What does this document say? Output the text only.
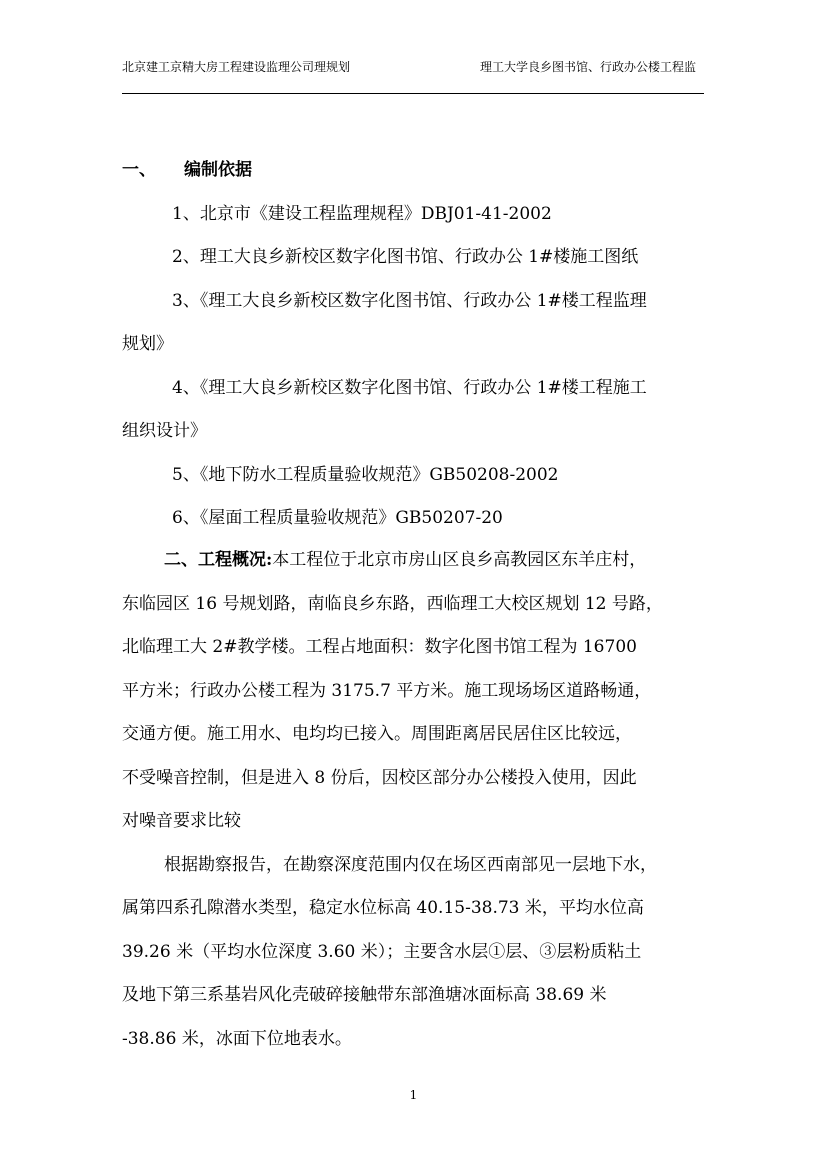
北京建工京精大房工程建设监理公司理规划	理工大学良乡图书馆、行政办公楼工程监
一、 编制依据
1、北京市《建设工程监理规程》DBJ01-41-2002
2、理工大良乡新校区数字化图书馆、行政办公 1#楼施工图纸
3、《理工大良乡新校区数字化图书馆、行政办公 1#楼工程监理
规划》
4、《理工大良乡新校区数字化图书馆、行政办公 1#楼工程施工
组织设计》
5、《地下防水工程质量验收规范》GB50208-2002
6、《屋面工程质量验收规范》GB50207-20
二、工程概况:本工程位于北京市房山区良乡高教园区东羊庄村，
东临园区 16 号规划路，南临良乡东路，西临理工大校区规划 12 号路，
北临理工大 2#教学楼。工程占地面积：数字化图书馆工程为 16700
平方米；行政办公楼工程为 3175.7 平方米。施工现场场区道路畅通，
交通方便。施工用水、电均均已接入。周围距离居民居住区比较远，
不受噪音控制，但是进入 8 份后，因校区部分办公楼投入使用，因此
对噪音要求比较
根据勘察报告，在勘察深度范围内仅在场区西南部见一层地下水，
属第四系孔隙潜水类型，稳定水位标高 40.15-38.73 米，平均水位高
39.26 米（平均水位深度 3.60 米）；主要含水层①层、③层粉质粘土
及地下第三系基岩风化壳破碎接触带东部渔塘冰面标高 38.69 米
-38.86 米，冰面下位地表水。
1
